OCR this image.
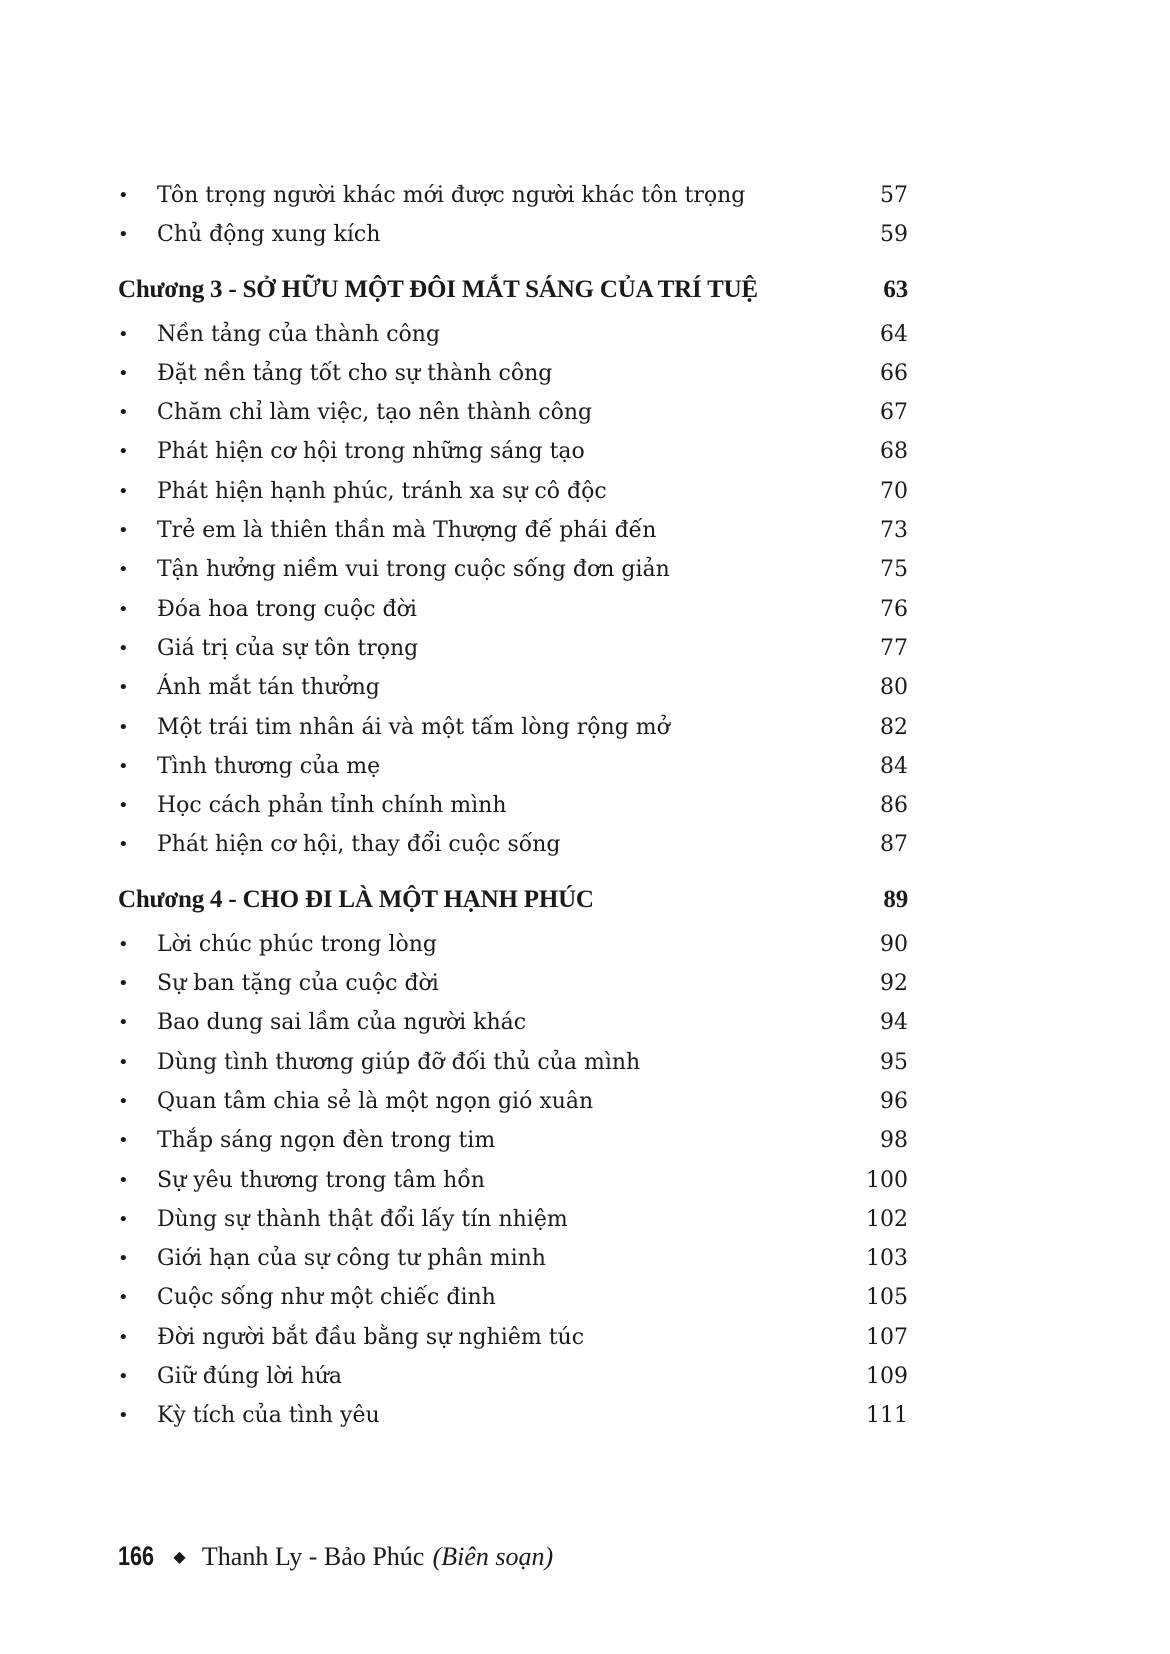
• Tôn trọng người khác mới được người khác tôn trọng	57
• Chủ động xung kích	59
Chương 3 - SỞ HỮU MỘT ĐÔI MẮT SÁNG CỦA TRÍ TUỆ	63
• Nền tảng của thành công	64
• Đặt nền tảng tốt cho sự thành công	66
• Chăm chỉ làm việc, tạo nên thành công	67
• Phát hiện cơ hội trong những sáng tạo	68
• Phát hiện hạnh phúc, tránh xa sự cô độc	70
• Trẻ em là thiên thần mà Thượng đế phái đến	73
• Tận hưởng niềm vui trong cuộc sống đơn giản	75
• Đóa hoa trong cuộc đời	76
• Giá trị của sự tôn trọng	77
• Ánh mắt tán thưởng	80
• Một trái tim nhân ái và một tấm lòng rộng mở	82
• Tình thương của mẹ	84
• Học cách phản tỉnh chính mình	86
• Phát hiện cơ hội, thay đổi cuộc sống	87
Chương 4 - CHO ĐI LÀ MỘT HẠNH PHÚC	89
• Lời chúc phúc trong lòng	90
• Sự ban tặng của cuộc đời	92
• Bao dung sai lầm của người khác	94
• Dùng tình thương giúp đỡ đối thủ của mình	95
• Quan tâm chia sẻ là một ngọn gió xuân	96
• Thắp sáng ngọn đèn trong tim	98
• Sự yêu thương trong tâm hồn	100
• Dùng sự thành thật đổi lấy tín nhiệm	102
• Giới hạn của sự công tư phân minh	103
• Cuộc sống như một chiếc đinh	105
• Đời người bắt đầu bằng sự nghiêm túc	107
• Giữ đúng lời hứa	109
• Kỳ tích của tình yêu	111
166 ◆ Thanh Ly - Bảo Phúc (Biên soạn)
